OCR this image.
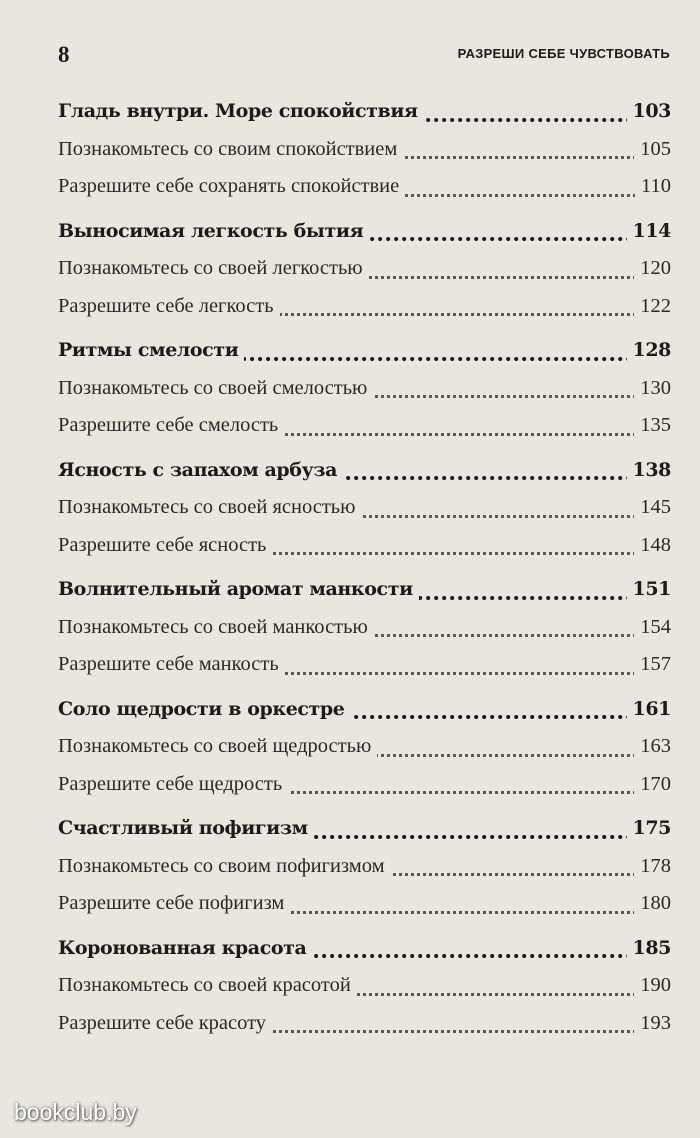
8	РАЗРЕШИ СЕБЕ ЧУВСТВОВАТЬ
Гладь внутри. Море спокойствия	103
Познакомьтесь со своим спокойствием	105
Разрешите себе сохранять спокойствие	110
Выносимая легкость бытия	114
Познакомьтесь со своей легкостью	120
Разрешите себе легкость	122
Ритмы смелости	128
Познакомьтесь со своей смелостью	130
Разрешите себе смелость	135
Ясность с запахом арбуза	138
Познакомьтесь со своей ясностью	145
Разрешите себе ясность	148
Волнительный аромат манкости	151
Познакомьтесь со своей манкостью	154
Разрешите себе манкость	157
Соло щедрости в оркестре	161
Познакомьтесь со своей щедростью	163
Разрешите себе щедрость	170
Счастливый пофигизм	175
Познакомьтесь со своим пофигизмом	178
Разрешите себе пофигизм	180
Коронованная красота	185
Познакомьтесь со своей красотой	190
Разрешите себе красоту	193
bookclub.by
